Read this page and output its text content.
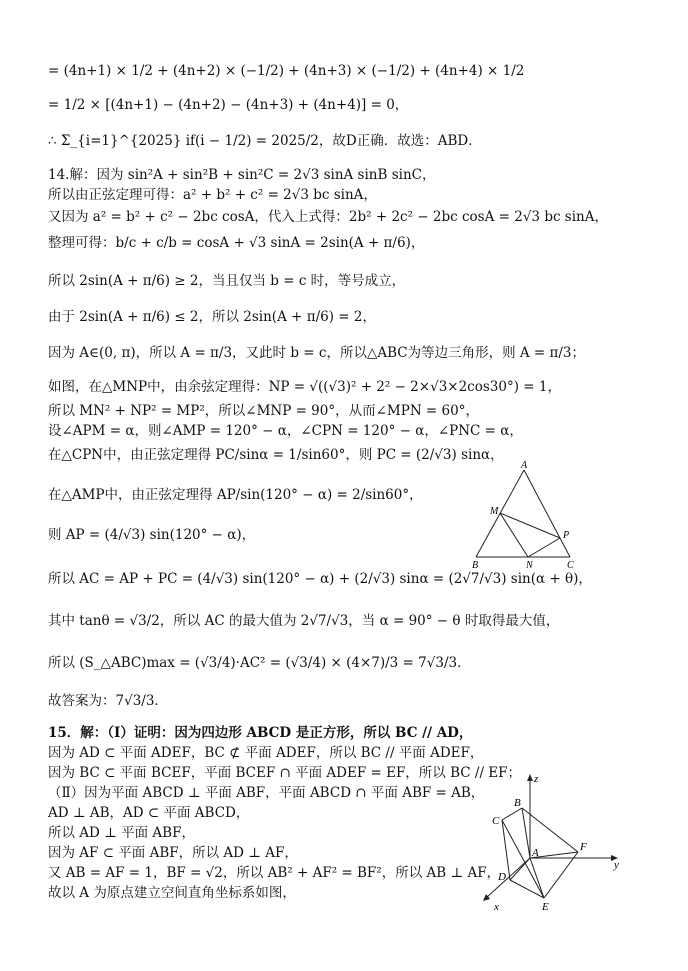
= (4n+1) × 1/2 + (4n+2) × (−1/2) + (4n+3) × (−1/2) + (4n+4) × 1/2
= 1/2 × [(4n+1) − (4n+2) − (4n+3) + (4n+4)] = 0，
∴ Σ_{i=1}^{2025} if(i − 1/2) = 2025/2，故D正确．故选：ABD．
14.解：因为 sin²A + sin²B + sin²C = 2√3 sinA sinB sinC，
所以由正弦定理可得：a² + b² + c² = 2√3 bc sinA，
又因为 a² = b² + c² − 2bc cosA，代入上式得：2b² + 2c² − 2bc cosA = 2√3 bc sinA，
整理可得：b/c + c/b = cosA + √3 sinA = 2sin(A + π/6)，
所以 2sin(A + π/6) ≥ 2，当且仅当 b = c 时，等号成立，
由于 2sin(A + π/6) ≤ 2，所以 2sin(A + π/6) = 2，
因为 A∈(0, π)，所以 A = π/3，又此时 b = c，所以△ABC为等边三角形，则 A = π/3；
如图，在△MNP中，由余弦定理得：NP = √((√3)² + 2² − 2×√3×2cos30°) = 1，
所以 MN² + NP² = MP²，所以∠MNP = 90°，从而∠MPN = 60°，
设∠APM = α，则∠AMP = 120° − α，∠CPN = 120° − α，∠PNC = α，
在△CPN中，由正弦定理得 PC/sinα = 1/sin60°，则 PC = (2/√3) sinα，
在△AMP中，由正弦定理得 AP/sin(120° − α) = 2/sin60°，
则 AP = (4/√3) sin(120° − α)，
所以 AC = AP + PC = (4/√3) sin(120° − α) + (2/√3) sinα = (2√7/√3) sin(α + θ)，
其中 tanθ = √3/2，所以 AC 的最大值为 2√7/√3，当 α = 90° − θ 时取得最大值，
所以 (S_△ABC)max = (√3/4)·AC² = (√3/4) × (4×7)/3 = 7√3/3．
故答案为：7√3/3．
15．解：（Ⅰ）证明：因为四边形 ABCD 是正方形，所以 BC // AD，
因为 AD ⊂ 平面 ADEF，BC ⊄ 平面 ADEF，所以 BC // 平面 ADEF，
因为 BC ⊂ 平面 BCEF，平面 BCEF ∩ 平面 ADEF = EF，所以 BC // EF；
（Ⅱ）因为平面 ABCD ⊥ 平面 ABF，平面 ABCD ∩ 平面 ABF = AB，
AD ⊥ AB，AD ⊂ 平面 ABCD，
所以 AD ⊥ 平面 ABF，
因为 AF ⊂ 平面 ABF，所以 AD ⊥ AF，
又 AB = AF = 1，BF = √2，所以 AB² + AF² = BF²，所以 AB ⊥ AF，
故以 A 为原点建立空间直角坐标系如图，
A
M
P
B	N	C
z
B
C
F
y
A
D
E
x
